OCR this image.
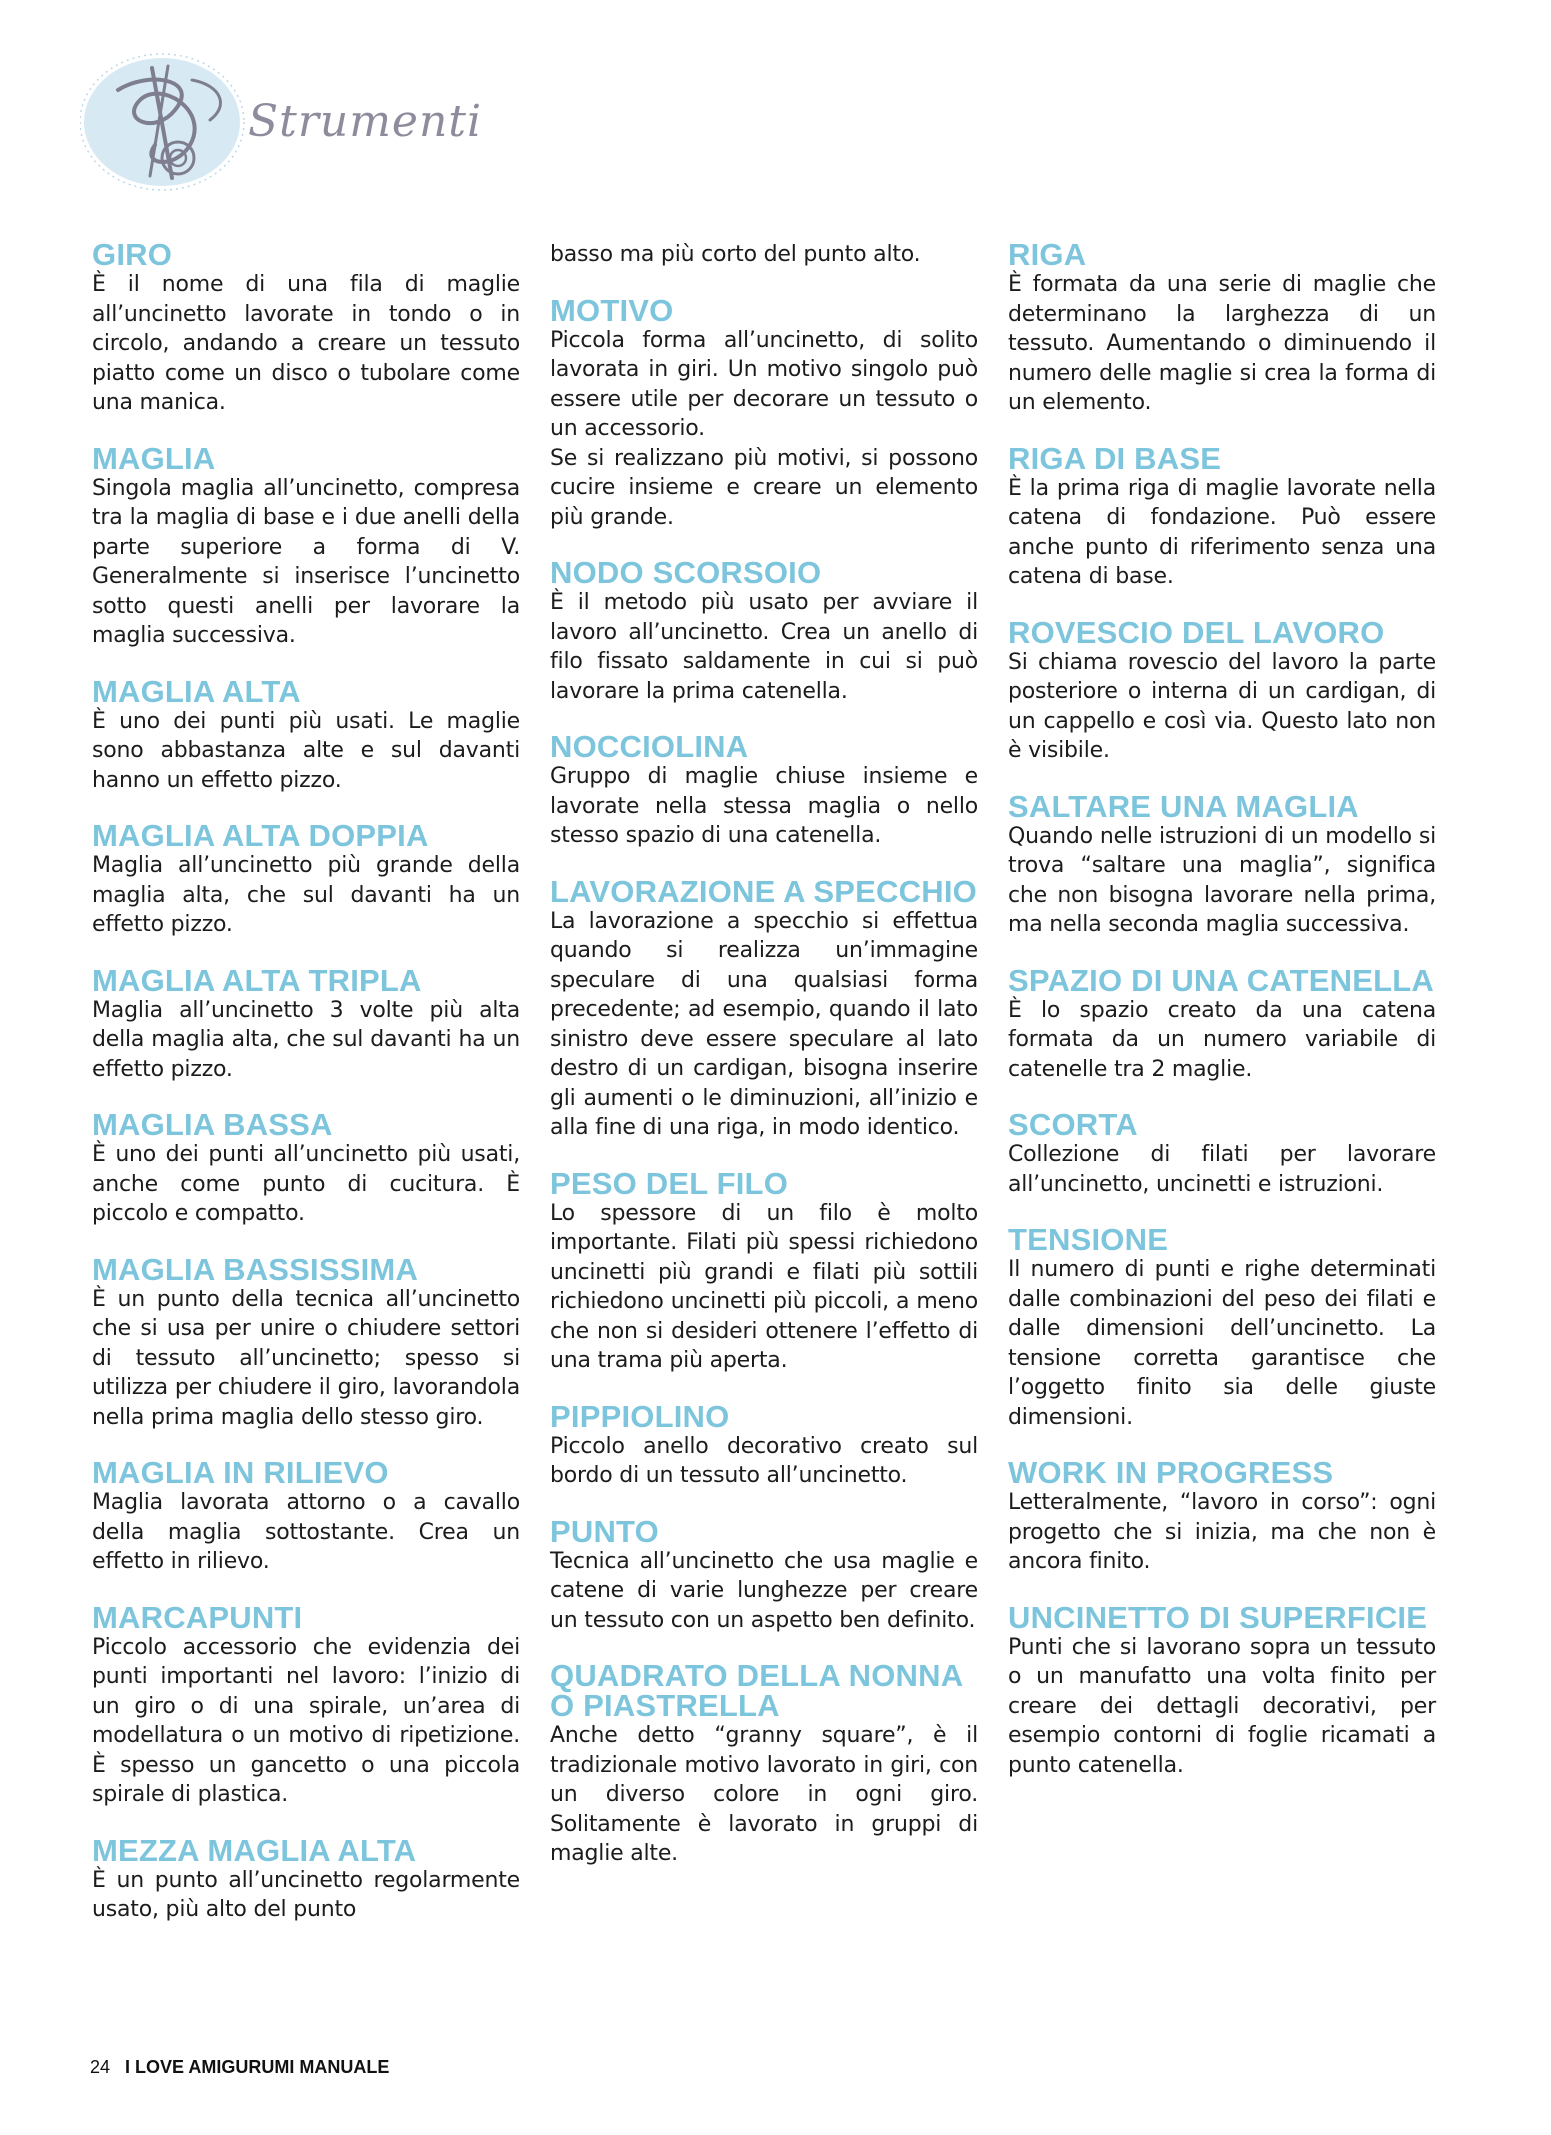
Strumenti
GIRO

È il nome di una fila di maglie all’uncinetto lavorate in tondo o in circolo, andando a creare un tessuto piatto come un disco o tubolare come una manica.

MAGLIA

Singola maglia all’uncinetto, compresa tra la maglia di base e i due anelli della parte superiore a forma di V. Generalmente si inserisce l’uncinetto sotto questi anelli per lavorare la maglia successiva.

MAGLIA ALTA

È uno dei punti più usati. Le maglie sono abbastanza alte e sul davanti hanno un effetto pizzo.

MAGLIA ALTA DOPPIA

Maglia all’uncinetto più grande della maglia alta, che sul davanti ha un effetto pizzo.

MAGLIA ALTA TRIPLA

Maglia all’uncinetto 3 volte più alta della maglia alta, che sul davanti ha un effetto pizzo.

MAGLIA BASSA

È uno dei punti all’uncinetto più usati, anche come punto di cucitura. È piccolo e compatto.

MAGLIA BASSISSIMA

È un punto della tecnica all’uncinetto che si usa per unire o chiudere settori di tessuto all’uncinetto; spesso si utilizza per chiudere il giro, lavorandola nella prima maglia dello stesso giro.

MAGLIA IN RILIEVO

Maglia lavorata attorno o a cavallo della maglia sottostante. Crea un effetto in rilievo.

MARCAPUNTI

Piccolo accessorio che evidenzia dei punti importanti nel lavoro: l’inizio di un giro o di una spirale, un’area di modellatura o un motivo di ripetizione. È spesso un gancetto o una piccola spirale di plastica.

MEZZA MAGLIA ALTA

È un punto all’uncinetto regolarmente usato, più alto del punto

basso ma più corto del punto alto.

MOTIVO

Piccola forma all’uncinetto, di solito lavorata in giri. Un motivo singolo può essere utile per decorare un tessuto o un accessorio.
Se si realizzano più motivi, si possono cucire insieme e creare un elemento più grande.

NODO SCORSOIO

È il metodo più usato per avviare il lavoro all’uncinetto. Crea un anello di filo fissato saldamente in cui si può lavorare la prima catenella.

NOCCIOLINA

Gruppo di maglie chiuse insieme e lavorate nella stessa maglia o nello stesso spazio di una catenella.

LAVORAZIONE A SPECCHIO

La lavorazione a specchio si effettua quando si realizza un’immagine speculare di una qualsiasi forma precedente; ad esempio, quando il lato sinistro deve essere speculare al lato destro di un cardigan, bisogna inserire gli aumenti o le diminuzioni, all’inizio e alla fine di una riga, in modo identico.

PESO DEL FILO

Lo spessore di un filo è molto importante. Filati più spessi richiedono uncinetti più grandi e filati più sottili richiedono uncinetti più piccoli, a meno che non si desideri ottenere l’effetto di una trama più aperta.

PIPPIOLINO

Piccolo anello decorativo creato sul bordo di un tessuto all’uncinetto.

PUNTO

Tecnica all’uncinetto che usa maglie e catene di varie lunghezze per creare un tessuto con un aspetto ben definito.

QUADRATO DELLA NONNA O PIASTRELLA

Anche detto “granny square”, è il tradizionale motivo lavorato in giri, con un diverso colore in ogni giro. Solitamente è lavorato in gruppi di maglie alte.

RIGA

È formata da una serie di maglie che determinano la larghezza di un tessuto. Aumentando o diminuendo il numero delle maglie si crea la forma di un elemento.

RIGA DI BASE

È la prima riga di maglie lavorate nella catena di fondazione. Può essere anche punto di riferimento senza una catena di base.

ROVESCIO DEL LAVORO

Si chiama rovescio del lavoro la parte posteriore o interna di un cardigan, di un cappello e così via. Questo lato non è visibile.

SALTARE UNA MAGLIA

Quando nelle istruzioni di un modello si trova “saltare una maglia”, significa che non bisogna lavorare nella prima, ma nella seconda maglia successiva.

SPAZIO DI UNA CATENELLA

È lo spazio creato da una catena formata da un numero variabile di catenelle tra 2 maglie.

SCORTA

Collezione di filati per lavorare all’uncinetto, uncinetti e istruzioni.

TENSIONE

Il numero di punti e righe determinati dalle combinazioni del peso dei filati e dalle dimensioni dell’uncinetto. La tensione corretta garantisce che l’oggetto finito sia delle giuste dimensioni.

WORK IN PROGRESS

Letteralmente, “lavoro in corso”: ogni progetto che si inizia, ma che non è ancora finito.

UNCINETTO DI SUPERFICIE

Punti che si lavorano sopra un tessuto o un manufatto una volta finito per creare dei dettagli decorativi, per esempio contorni di foglie ricamati a punto catenella.

24 I LOVE AMIGURUMI MANUALE
